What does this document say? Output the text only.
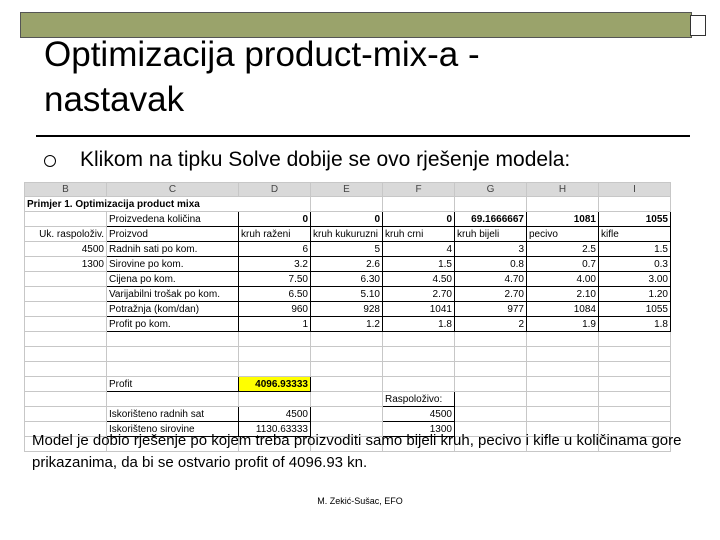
Optimizacija product-mix-a -
nastavak
Klikom na tipku Solve dobije se ovo rješenje modela:
B	C	D	E	F	G	H	I
Primjer 1. Optimizacija product mixa							
	Proizvedena količina	0	0	0	69.1666667	1081	1055
Uk. raspoloživ.	Proizvod	kruh raženi	kruh kukuruzni	kruh crni	kruh bijeli	pecivo	kifle
4500	Radnih sati po kom.	6	5	4	3	2.5	1.5
1300	Sirovine po kom.	3.2	2.6	1.5	0.8	0.7	0.3
	Cijena po kom.	7.50	6.30	4.50	4.70	4.00	3.00
	Varijabilni trošak po kom.	6.50	5.10	2.70	2.70	2.10	1.20
	Potražnja (kom/dan)	960	928	1041	977	1084	1055
	Profit po kom.	1	1.2	1.8	2	1.9	1.8

	Profit	4096.93333					
				Raspoloživo:			
	Iskorišteno radnih sat	4500		4500			
	Iskorišteno sirovine	1130.63333		1300			

Model je dobio rješenje po kojem treba proizvoditi samo bijeli kruh, pecivo i kifle u količinama gore prikazanima, da bi se ostvario profit of 4096.93 kn.
M. Zekić-Sušac, EFO
